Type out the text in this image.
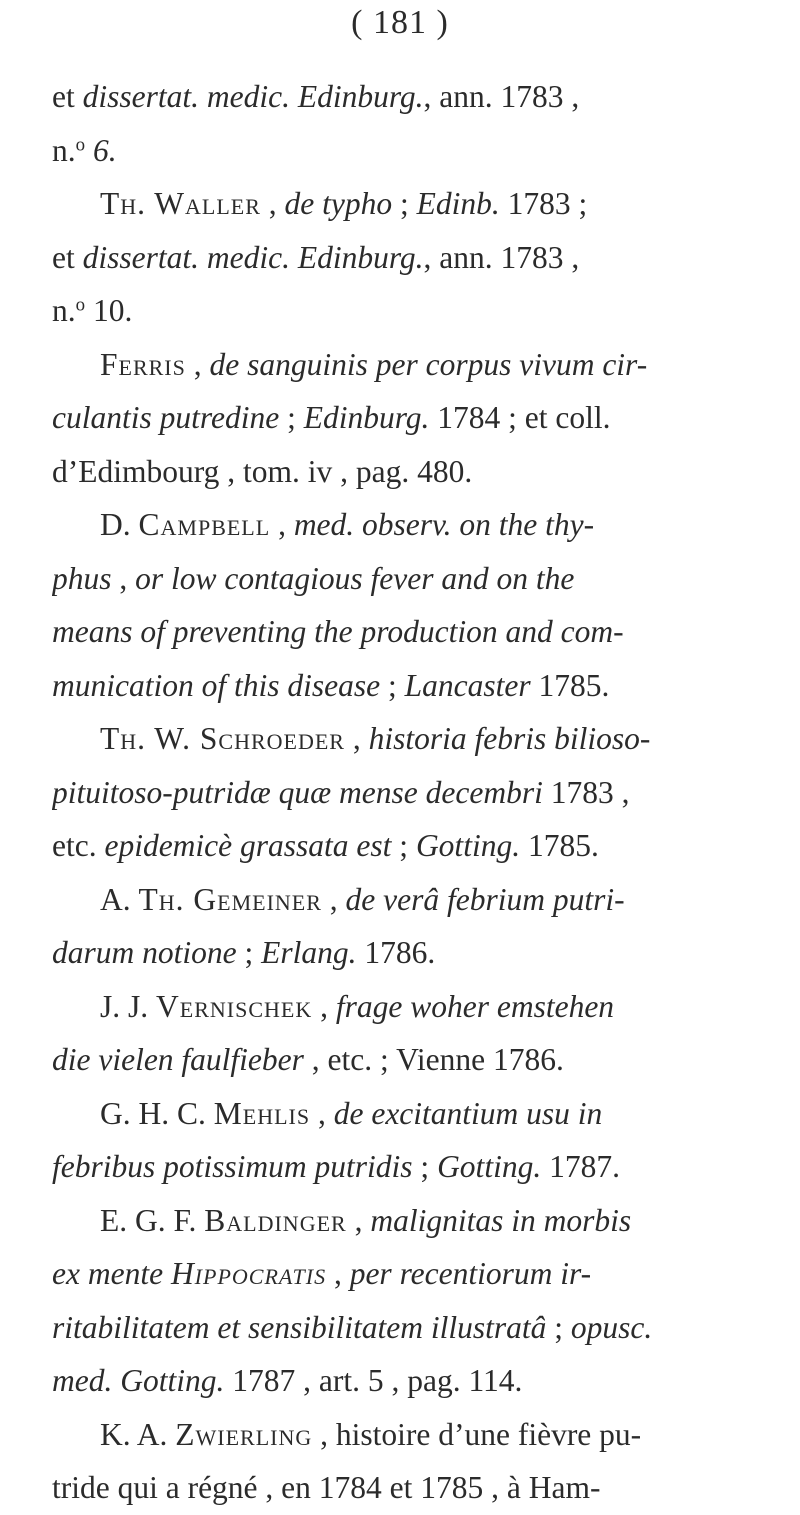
( 181 )
et dissertat. medic. Edinburg., ann. 1783 ,
n.$^o$ 6.
Th. Waller , de typho ; Edinb. 1783 ;
et dissertat. medic. Edinburg., ann. 1783 ,
n.$^o$ 10.
Ferris , de sanguinis per corpus vivum cir-
culantis putredine ; Edinburg. 1784 ; et coll.
d’Edimbourg , tom. iv , pag. 480.
D. Campbell , med. observ. on the thy-
phus , or low contagious fever and on the
means of preventing the production and com-
munication of this disease ; Lancaster 1785.
Th. W. Schroeder , historia febris bilioso-
pituitoso-putridæ quæ mense decembri 1783 ,
etc. epidemicè grassata est ; Gotting. 1785.
A. Th. Gemeiner , de verâ febrium putri-
darum notione ; Erlang. 1786.
J. J. Vernischek , frage woher emstehen
die vielen faulfieber , etc. ; Vienne 1786.
G. H. C. Mehlis , de excitantium usu in
febribus potissimum putridis ; Gotting. 1787.
E. G. F. Baldinger , malignitas in morbis
ex mente Hippocratis , per recentiorum ir-
ritabilitatem et sensibilitatem illustratâ ; opusc.
med. Gotting. 1787 , art. 5 , pag. 114.
K. A. Zwierling , histoire d’une fièvre pu-
tride qui a régné , en 1784 et 1785 , à Ham-
